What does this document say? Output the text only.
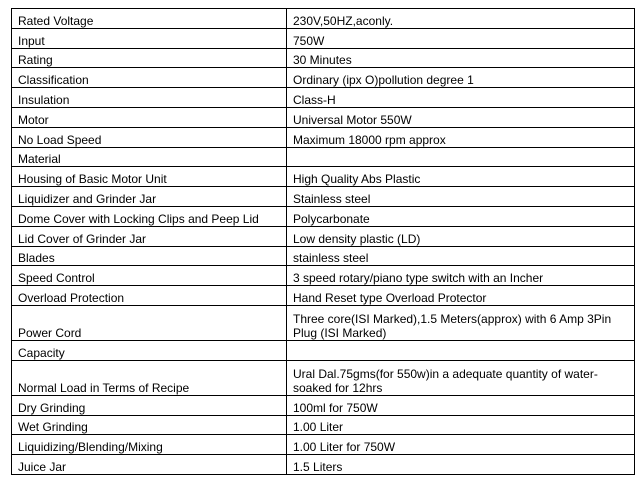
Rated Voltage	230V,50HZ,aconly.
Input	750W
Rating	30 Minutes
Classification	Ordinary (ipx O)pollution degree 1
Insulation	Class-H
Motor	Universal Motor 550W
No Load Speed	Maximum 18000 rpm approx
Material	
Housing of Basic Motor Unit	High Quality Abs Plastic
Liquidizer and Grinder Jar	Stainless steel
Dome Cover with Locking Clips and Peep Lid	Polycarbonate
Lid Cover of Grinder Jar	Low density plastic (LD)
Blades	stainless steel
Speed Control	3 speed rotary/piano type switch with an Incher
Overload Protection	Hand Reset type Overload Protector
Power Cord	Three core(ISI Marked),1.5 Meters(approx) with 6 Amp 3Pin Plug (ISI Marked)
Capacity	
Normal Load in Terms of Recipe	Ural Dal.75gms(for 550w)in a adequate quantity of water-soaked for 12hrs
Dry Grinding	100ml for 750W
Wet Grinding	1.00 Liter
Liquidizing/Blending/Mixing	1.00 Liter for 750W
Juice Jar	1.5 Liters
